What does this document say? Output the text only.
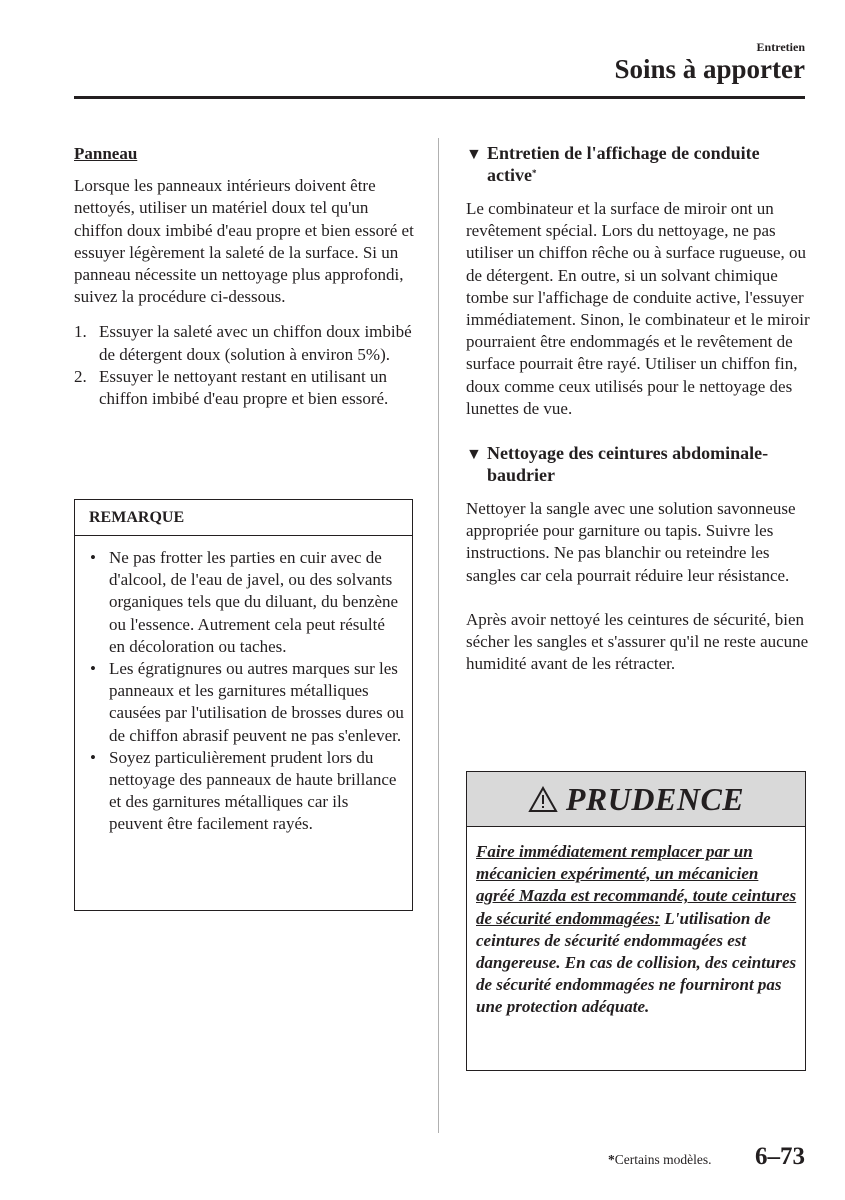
Entretien
Soins à apporter

Panneau

Lorsque les panneaux intérieurs doivent être nettoyés, utiliser un matériel doux tel qu'un chiffon doux imbibé d'eau propre et bien essoré et essuyer légèrement la saleté de la surface. Si un panneau nécessite un nettoyage plus approfondi, suivez la procédure ci-dessous.

1. Essuyer la saleté avec un chiffon doux imbibé de détergent doux (solution à environ 5%).
2. Essuyer le nettoyant restant en utilisant un chiffon imbibé d'eau propre et bien essoré.
REMARQUE
• Ne pas frotter les parties en cuir avec de d'alcool, de l'eau de javel, ou des solvants organiques tels que du diluant, du benzène ou l'essence. Autrement cela peut résulté en décoloration ou taches.
• Les égratignures ou autres marques sur les panneaux et les garnitures métalliques causées par l'utilisation de brosses dures ou de chiffon abrasif peuvent ne pas s'enlever.
• Soyez particulièrement prudent lors du nettoyage des panneaux de haute brillance et des garnitures métalliques car ils peuvent être facilement rayés.
▼ Entretien de l'affichage de conduite active*

Le combinateur et la surface de miroir ont un revêtement spécial. Lors du nettoyage, ne pas utiliser un chiffon rêche ou à surface rugueuse, ou de détergent. En outre, si un solvant chimique tombe sur l'affichage de conduite active, l'essuyer immédiatement. Sinon, le combinateur et le miroir pourraient être endommagés et le revêtement de surface pourrait être rayé. Utiliser un chiffon fin, doux comme ceux utilisés pour le nettoyage des lunettes de vue.

▼ Nettoyage des ceintures abdominale-baudrier

Nettoyer la sangle avec une solution savonneuse appropriée pour garniture ou tapis. Suivre les instructions. Ne pas blanchir ou reteindre les sangles car cela pourrait réduire leur résistance.

Après avoir nettoyé les ceintures de sécurité, bien sécher les sangles et s'assurer qu'il ne reste aucune humidité avant de les rétracter.

PRUDENCE
Faire immédiatement remplacer par un mécanicien expérimenté, un mécanicien agréé Mazda est recommandé, toute ceintures de sécurité endommagées: L'utilisation de ceintures de sécurité endommagées est dangereuse. En cas de collision, des ceintures de sécurité endommagées ne fourniront pas une protection adéquate.
*Certains modèles. 6–73
